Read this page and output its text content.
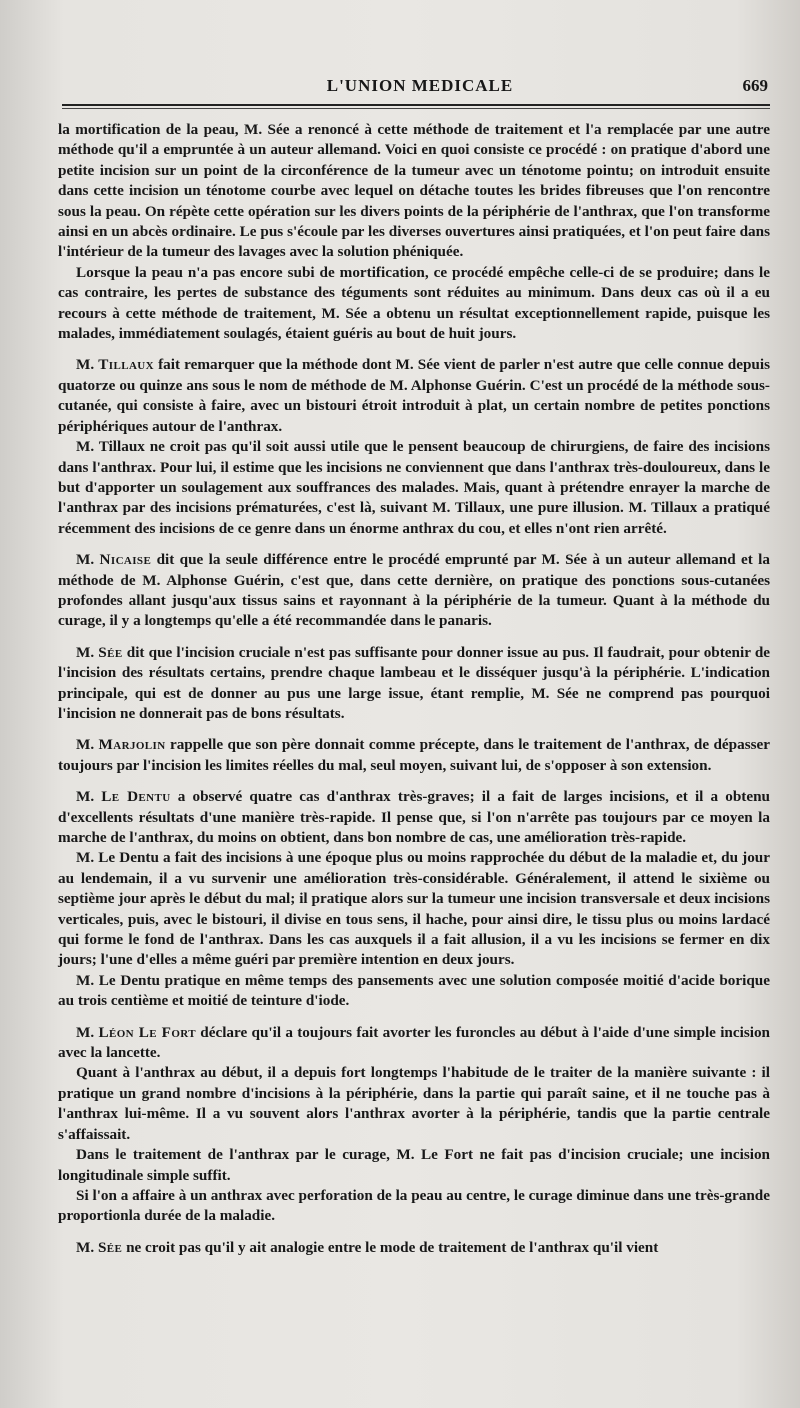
L'UNION MEDICALE	669

la mortification de la peau, M. Sée a renoncé à cette méthode de traitement et l'a remplacée par une autre méthode qu'il a empruntée à un auteur allemand. Voici en quoi consiste ce procédé : on pratique d'abord une petite incision sur un point de la circonférence de la tumeur avec un ténotome pointu; on introduit ensuite dans cette incision un ténotome courbe avec lequel on détache toutes les brides fibreuses que l'on rencontre sous la peau. On répète cette opération sur les divers points de la périphérie de l'anthrax, que l'on transforme ainsi en un abcès ordinaire. Le pus s'écoule par les diverses ouvertures ainsi pratiquées, et l'on peut faire dans l'intérieur de la tumeur des lavages avec la solution phéniquée.

Lorsque la peau n'a pas encore subi de mortification, ce procédé empêche celle-ci de se produire; dans le cas contraire, les pertes de substance des téguments sont réduites au minimum. Dans deux cas où il a eu recours à cette méthode de traitement, M. Sée a obtenu un résultat exceptionnellement rapide, puisque les malades, immédiatement soulagés, étaient guéris au bout de huit jours.

M. Tillaux fait remarquer que la méthode dont M. Sée vient de parler n'est autre que celle connue depuis quatorze ou quinze ans sous le nom de méthode de M. Alphonse Guérin. C'est un procédé de la méthode sous-cutanée, qui consiste à faire, avec un bistouri étroit introduit à plat, un certain nombre de petites ponctions périphériques autour de l'anthrax.

M. Tillaux ne croit pas qu'il soit aussi utile que le pensent beaucoup de chirurgiens, de faire des incisions dans l'anthrax. Pour lui, il estime que les incisions ne conviennent que dans l'anthrax très-douloureux, dans le but d'apporter un soulagement aux souffrances des malades. Mais, quant à prétendre enrayer la marche de l'anthrax par des incisions prématurées, c'est là, suivant M. Tillaux, une pure illusion. M. Tillaux a pratiqué récemment des incisions de ce genre dans un énorme anthrax du cou, et elles n'ont rien arrêté.

M. Nicaise dit que la seule différence entre le procédé emprunté par M. Sée à un auteur allemand et la méthode de M. Alphonse Guérin, c'est que, dans cette dernière, on pratique des ponctions sous-cutanées profondes allant jusqu'aux tissus sains et rayonnant à la périphérie de la tumeur. Quant à la méthode du curage, il y a longtemps qu'elle a été recommandée dans le panaris.

M. Sée dit que l'incision cruciale n'est pas suffisante pour donner issue au pus. Il faudrait, pour obtenir de l'incision des résultats certains, prendre chaque lambeau et le disséquer jusqu'à la périphérie. L'indication principale, qui est de donner au pus une large issue, étant remplie, M. Sée ne comprend pas pourquoi l'incision ne donnerait pas de bons résultats.

M. Marjolin rappelle que son père donnait comme précepte, dans le traitement de l'anthrax, de dépasser toujours par l'incision les limites réelles du mal, seul moyen, suivant lui, de s'opposer à son extension.

M. Le Dentu a observé quatre cas d'anthrax très-graves; il a fait de larges incisions, et il a obtenu d'excellents résultats d'une manière très-rapide. Il pense que, si l'on n'arrête pas toujours par ce moyen la marche de l'anthrax, du moins on obtient, dans bon nombre de cas, une amélioration très-rapide.

M. Le Dentu a fait des incisions à une époque plus ou moins rapprochée du début de la maladie et, du jour au lendemain, il a vu survenir une amélioration très-considérable. Généralement, il attend le sixième ou septième jour après le début du mal; il pratique alors sur la tumeur une incision transversale et deux incisions verticales, puis, avec le bistouri, il divise en tous sens, il hache, pour ainsi dire, le tissu plus ou moins lardacé qui forme le fond de l'anthrax. Dans les cas auxquels il a fait allusion, il a vu les incisions se fermer en dix jours; l'une d'elles a même guéri par première intention en deux jours.

M. Le Dentu pratique en même temps des pansements avec une solution composée moitié d'acide borique au trois centième et moitié de teinture d'iode.

M. Léon Le Fort déclare qu'il a toujours fait avorter les furoncles au début à l'aide d'une simple incision avec la lancette.

Quant à l'anthrax au début, il a depuis fort longtemps l'habitude de le traiter de la manière suivante : il pratique un grand nombre d'incisions à la périphérie, dans la partie qui paraît saine, et il ne touche pas à l'anthrax lui-même. Il a vu souvent alors l'anthrax avorter à la périphérie, tandis que la partie centrale s'affaissait.

Dans le traitement de l'anthrax par le curage, M. Le Fort ne fait pas d'incision cruciale; une incision longitudinale simple suffit.

Si l'on a affaire à un anthrax avec perforation de la peau au centre, le curage diminue dans une très-grande proportionla durée de la maladie.

M. Sée ne croit pas qu'il y ait analogie entre le mode de traitement de l'anthrax qu'il vient
